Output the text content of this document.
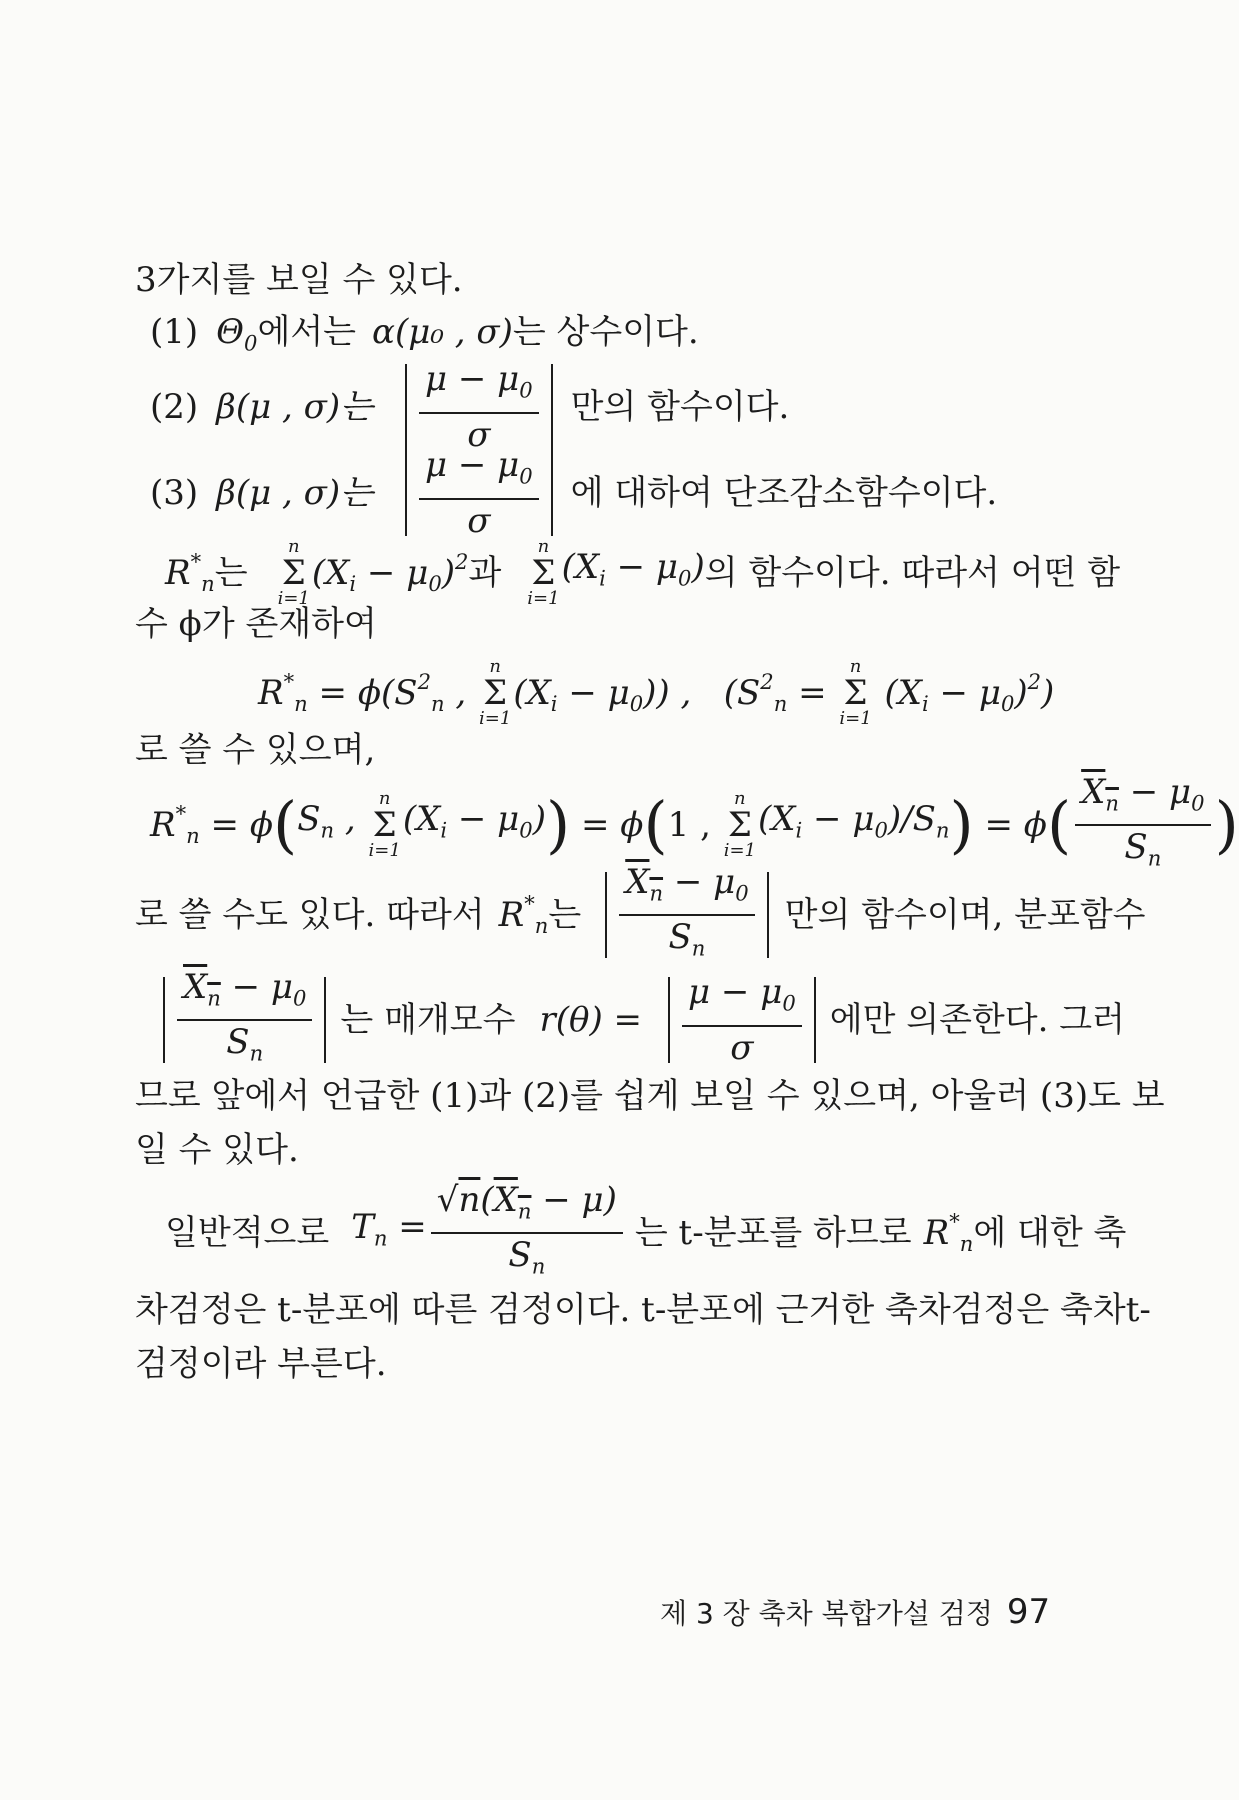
3가지를 보일 수 있다.
(1) $\Theta_0$에서는 α(μ₀ , σ)는 상수이다.
(2) β(μ , σ)는 $\frac{\mu - \mu_0}{\sigma}$ 만의 함수이다.
(3) β(μ , σ)는 $\frac{\mu - \mu_0}{\sigma}$ 에 대하여 단조감소함수이다.
$R^*_n$ 는
n
Σ
i=1
$(X_i - \mu_0)^2$ 과
n
Σ
i=1
$(X_i - \mu_0)$ 의 함수이다. 따라서 어떤 함
수 ϕ가 존재하여
$R^*_n = \phi(S^2_n$ ,
n
Σ
i=1
$(X_i - \mu_0)$) ,   ($S^2_n$ =
n
Σ
i=1
$(X_i - \mu_0)^2$)
로 쓸 수 있으며,
$R^*_n = \phi$ ( $S_n$ ,
n
Σ
i=1
$(X_i - \mu_0)$ ) = ϕ ( 1 ,
n
Σ
i=1
$(X_i - \mu_0)/S_n$ ) = ϕ ( $\frac{X_n - \mu_0}{S_n}$ )
로 쓸 수도 있다. 따라서 $R^*_n$ 는 $\frac{X_n - \mu_0}{S_n}$ 만의 함수이며, 분포함수
$\frac{X_n - \mu_0}{S_n}$ 는 매개모수 $r(\theta) = \frac{\mu - \mu_0}{\sigma}$ 에만 의존한다. 그러
므로 앞에서 언급한 (1)과 (2)를 쉽게 보일 수 있으며, 아울러 (3)도 보
일 수 있다.
일반적으로 $T_n = \frac{√n(X_n - \mu)}{S_n}$ 는 t-분포를 하므로 $R^*_n$ 에 대한 축
차검정은 t-분포에 따른 검정이다. t-분포에 근거한 축차검정은 축차t-
검정이라 부른다.
제 3 장 축차 복합가설 검정 97
